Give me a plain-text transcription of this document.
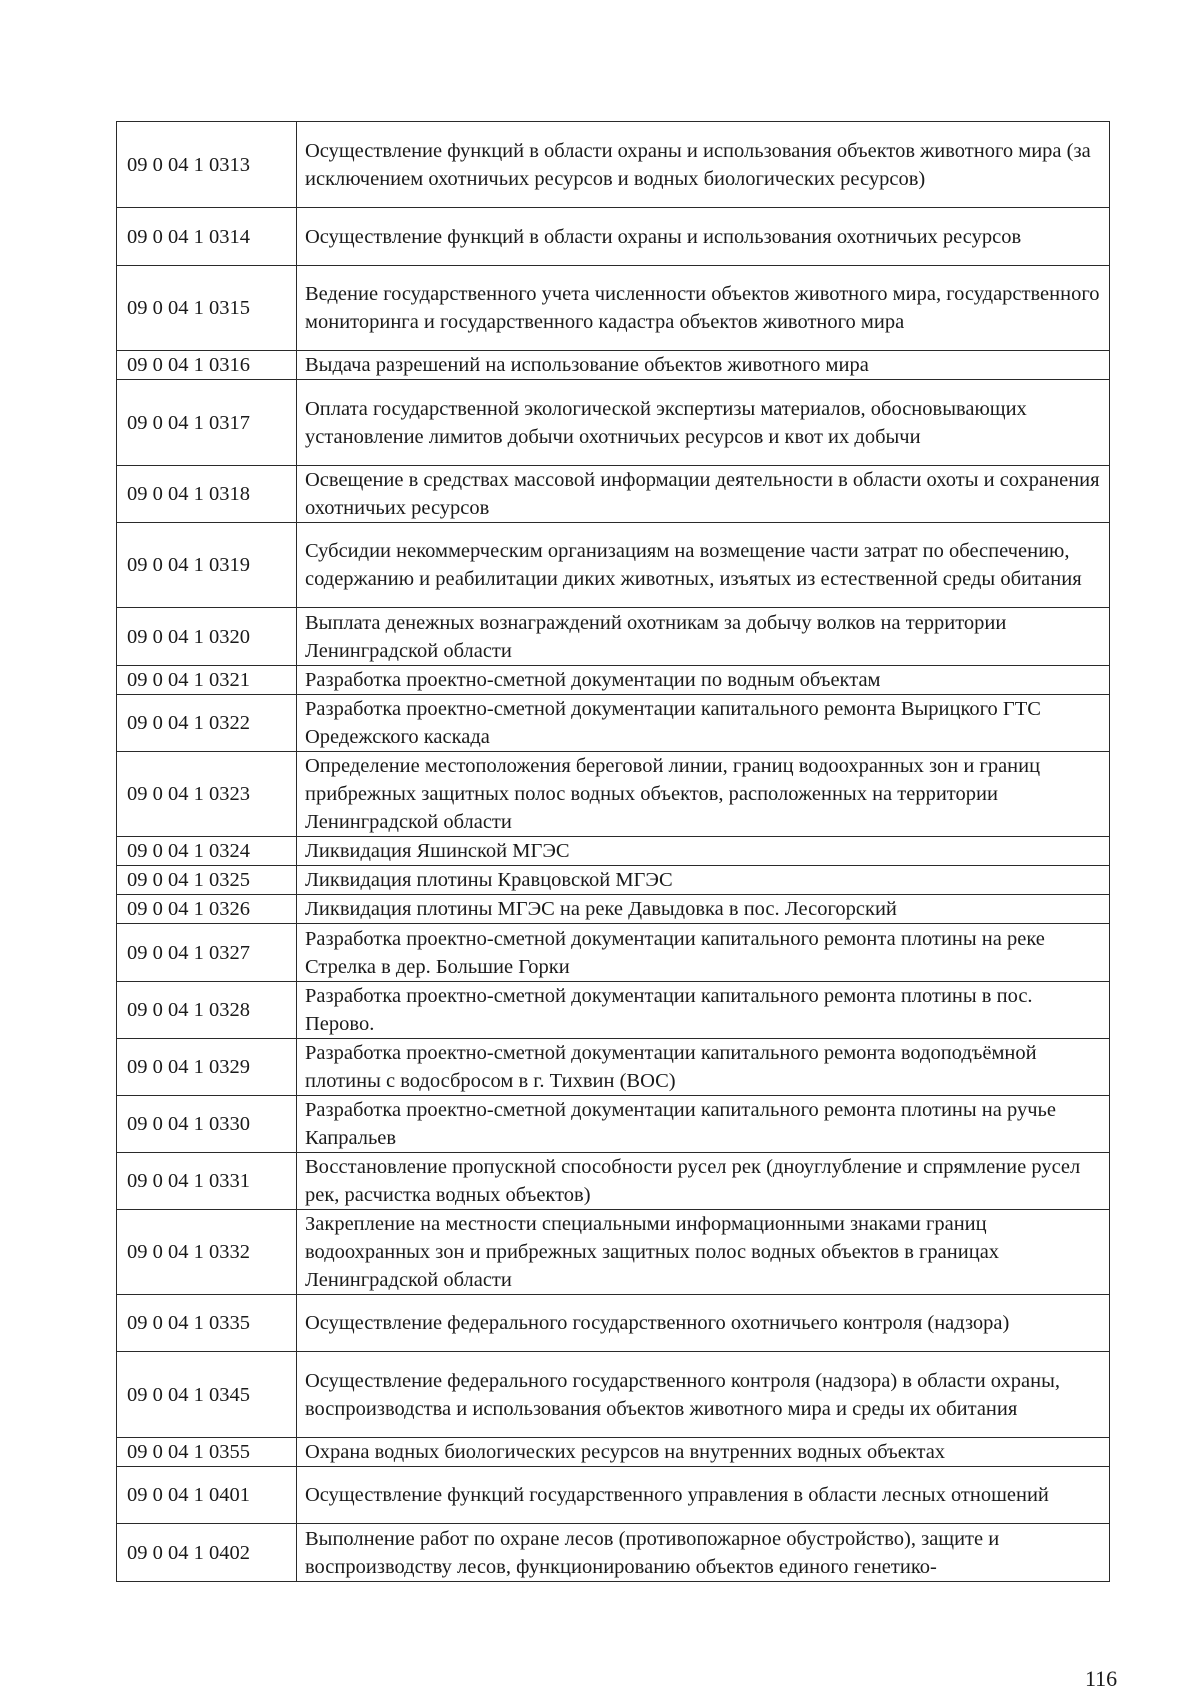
09 0 04 1 0313	Осуществление функций в области охраны и использования объектов животного мира (за исключением охотничьих ресурсов и водных биологических ресурсов)
09 0 04 1 0314	Осуществление функций в области охраны и использования охотничьих ресурсов
09 0 04 1 0315	Ведение государственного учета численности объектов животного мира, государственного мониторинга и государственного кадастра объектов животного мира
09 0 04 1 0316	Выдача разрешений на использование объектов животного мира
09 0 04 1 0317	Оплата государственной экологической экспертизы материалов, обосновывающих установление лимитов добычи охотничьих ресурсов и квот их добычи
09 0 04 1 0318	Освещение в средствах массовой информации деятельности в области охоты и сохранения охотничьих ресурсов
09 0 04 1 0319	Субсидии некоммерческим организациям на возмещение части затрат по обеспечению, содержанию и реабилитации диких животных, изъятых из естественной среды обитания
09 0 04 1 0320	Выплата денежных вознаграждений охотникам за добычу волков на территории Ленинградской области
09 0 04 1 0321	Разработка проектно-сметной документации по водным объектам
09 0 04 1 0322	Разработка проектно-сметной документации капитального ремонта Вырицкого ГТС Оредежского каскада
09 0 04 1 0323	Определение местоположения береговой линии, границ водоохранных зон и границ прибрежных защитных полос водных объектов, расположенных на территории Ленинградской области
09 0 04 1 0324	Ликвидация Яшинской МГЭС
09 0 04 1 0325	Ликвидация плотины Кравцовской МГЭС
09 0 04 1 0326	Ликвидация плотины МГЭС на реке Давыдовка в пос. Лесогорский
09 0 04 1 0327	Разработка проектно-сметной документации капитального ремонта плотины на реке Стрелка в дер. Большие Горки
09 0 04 1 0328	Разработка проектно-сметной документации капитального ремонта плотины в пос. Перово.
09 0 04 1 0329	Разработка проектно-сметной документации капитального ремонта водоподъёмной плотины с водосбросом в г. Тихвин (ВОС)
09 0 04 1 0330	Разработка проектно-сметной документации капитального ремонта плотины на ручье Капральев
09 0 04 1 0331	Восстановление пропускной способности русел рек (дноуглубление и спрямление русел рек, расчистка водных объектов)
09 0 04 1 0332	Закрепление на местности специальными информационными знаками границ водоохранных зон и прибрежных защитных полос водных объектов в границах Ленинградской области
09 0 04 1 0335	Осуществление федерального государственного охотничьего контроля (надзора)
09 0 04 1 0345	Осуществление федерального государственного контроля (надзора) в области охраны, воспроизводства и использования объектов животного мира и среды их обитания
09 0 04 1 0355	Охрана водных биологических ресурсов на внутренних водных объектах
09 0 04 1 0401	Осуществление функций государственного управления в области лесных отношений
09 0 04 1 0402	Выполнение работ по охране лесов (противопожарное обустройство), защите и воспроизводству лесов, функционированию объектов единого генетико-
116
